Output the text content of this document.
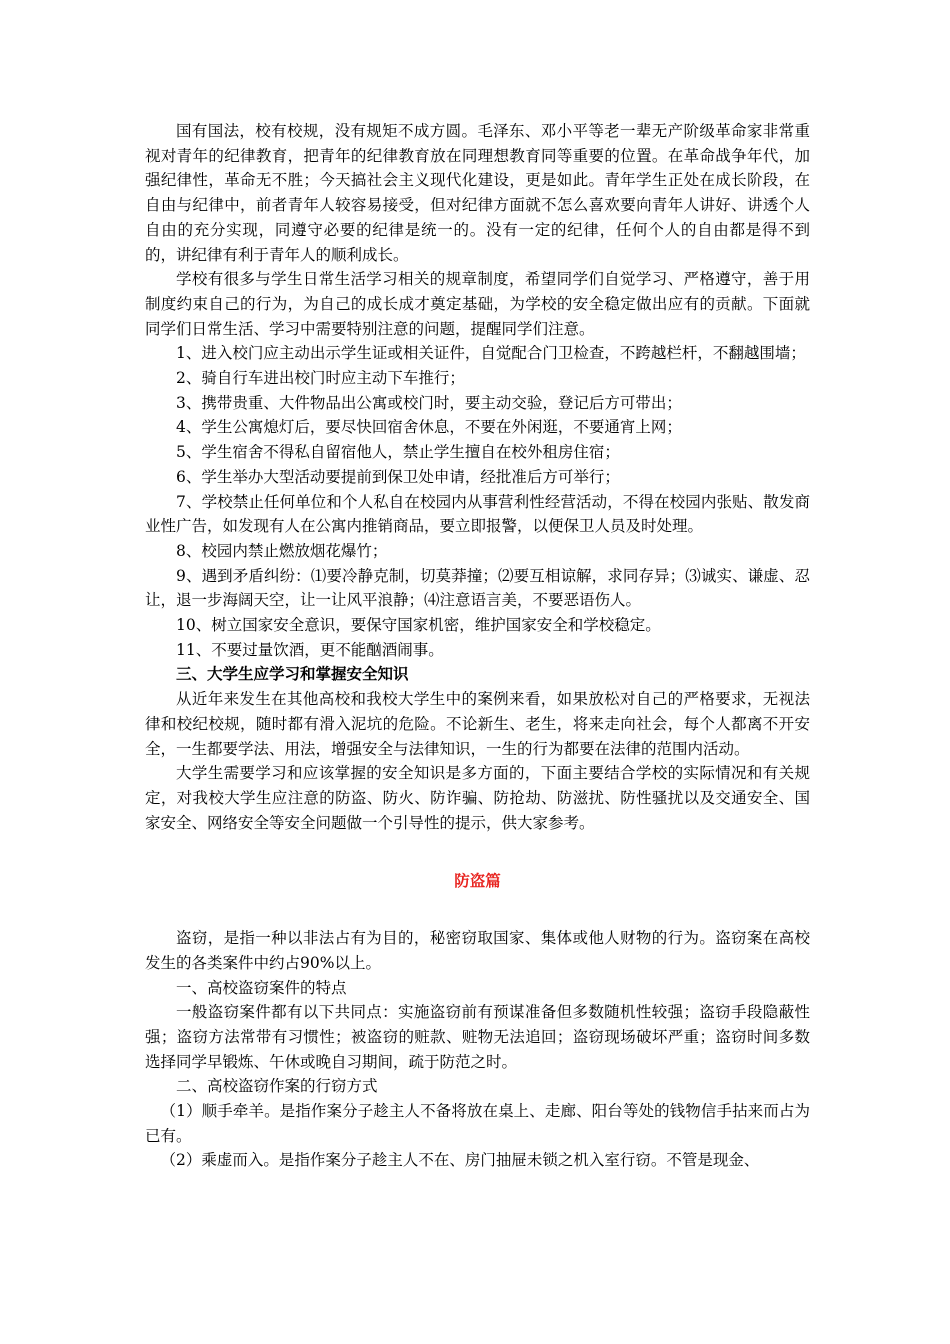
国有国法，校有校规，没有规矩不成方圆。毛泽东、邓小平等老一辈无产阶级革命家非常重视对青年的纪律教育，把青年的纪律教育放在同理想教育同等重要的位置。在革命战争年代，加强纪律性，革命无不胜；今天搞社会主义现代化建设，更是如此。青年学生正处在成长阶段，在自由与纪律中，前者青年人较容易接受，但对纪律方面就不怎么喜欢要向青年人讲好、讲透个人自由的充分实现，同遵守必要的纪律是统一的。没有一定的纪律，任何个人的自由都是得不到的，讲纪律有利于青年人的顺利成长。

学校有很多与学生日常生活学习相关的规章制度，希望同学们自觉学习、严格遵守，善于用制度约束自己的行为，为自己的成长成才奠定基础，为学校的安全稳定做出应有的贡献。下面就同学们日常生活、学习中需要特别注意的问题，提醒同学们注意。

1、进入校门应主动出示学生证或相关证件，自觉配合门卫检查，不跨越栏杆，不翻越围墙；

2、骑自行车进出校门时应主动下车推行；

3、携带贵重、大件物品出公寓或校门时，要主动交验，登记后方可带出；

4、学生公寓熄灯后，要尽快回宿舍休息，不要在外闲逛，不要通宵上网；

5、学生宿舍不得私自留宿他人，禁止学生擅自在校外租房住宿；

6、学生举办大型活动要提前到保卫处申请，经批准后方可举行；

7、学校禁止任何单位和个人私自在校园内从事营利性经营活动，不得在校园内张贴、散发商业性广告，如发现有人在公寓内推销商品，要立即报警，以便保卫人员及时处理。

8、校园内禁止燃放烟花爆竹；

9、遇到矛盾纠纷：⑴要冷静克制，切莫莽撞；⑵要互相谅解，求同存异；⑶诚实、谦虚、忍让，退一步海阔天空，让一让风平浪静；⑷注意语言美，不要恶语伤人。

10、树立国家安全意识，要保守国家机密，维护国家安全和学校稳定。

11、不要过量饮酒，更不能酗酒闹事。

三、大学生应学习和掌握安全知识

从近年来发生在其他高校和我校大学生中的案例来看，如果放松对自己的严格要求，无视法律和校纪校规，随时都有滑入泥坑的危险。不论新生、老生，将来走向社会，每个人都离不开安全，一生都要学法、用法，增强安全与法律知识，一生的行为都要在法律的范围内活动。

大学生需要学习和应该掌握的安全知识是多方面的，下面主要结合学校的实际情况和有关规定，对我校大学生应注意的防盗、防火、防诈骗、防抢劫、防滋扰、防性骚扰以及交通安全、国家安全、网络安全等安全问题做一个引导性的提示，供大家参考。

防盗篇

盗窃，是指一种以非法占有为目的，秘密窃取国家、集体或他人财物的行为。盗窃案在高校发生的各类案件中约占90%以上。

一、高校盗窃案件的特点

一般盗窃案件都有以下共同点：实施盗窃前有预谋准备但多数随机性较强；盗窃手段隐蔽性强；盗窃方法常带有习惯性；被盗窃的赃款、赃物无法追回；盗窃现场破坏严重；盗窃时间多数选择同学早锻炼、午休或晚自习期间，疏于防范之时。

二、高校盗窃作案的行窃方式

（1）顺手牵羊。是指作案分子趁主人不备将放在桌上、走廊、阳台等处的钱物信手拈来而占为已有。

（2）乘虚而入。是指作案分子趁主人不在、房门抽屉未锁之机入室行窃。不管是现金、
